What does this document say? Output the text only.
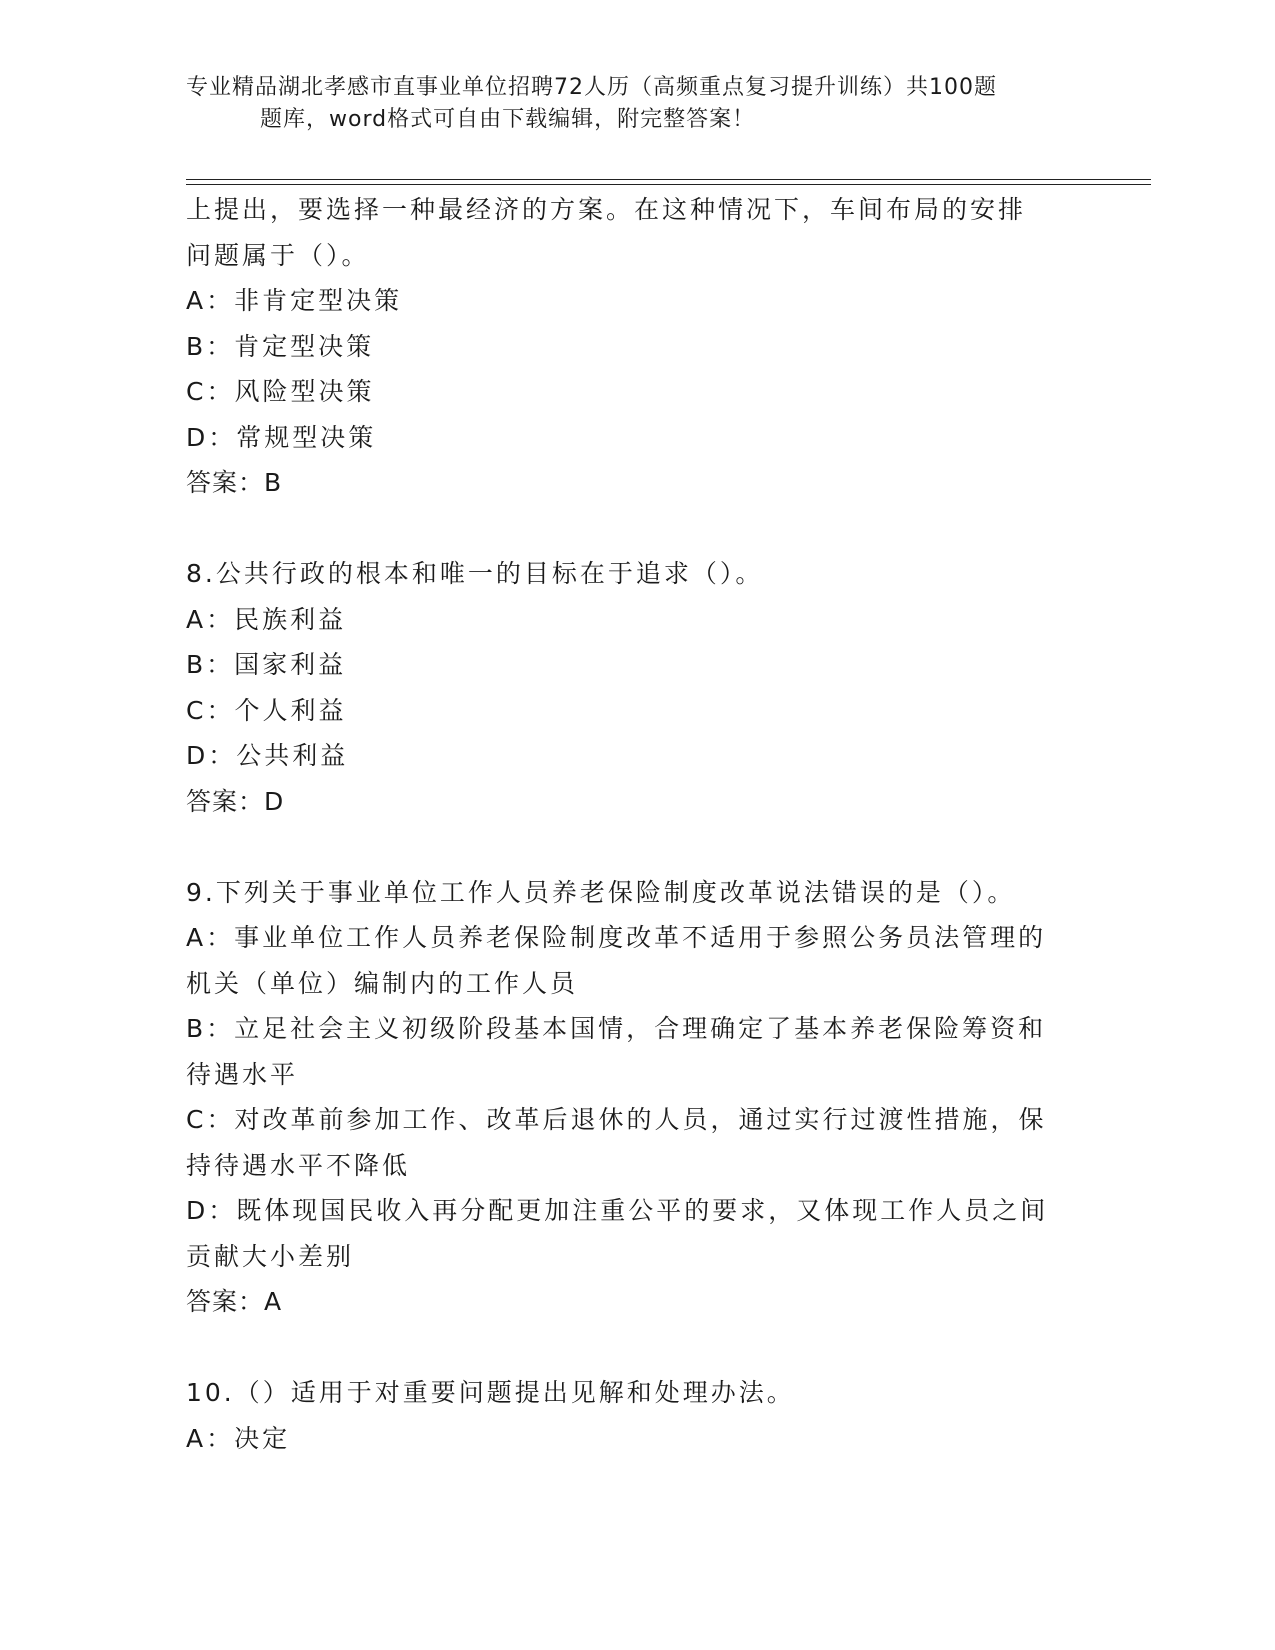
专业精品湖北孝感市直事业单位招聘72人历（高频重点复习提升训练）共100题
题库，word格式可自由下载编辑，附完整答案！
上提出，要选择一种最经济的方案。在这种情况下，车间布局的安排
问题属于（）。
A：非肯定型决策
B：肯定型决策
C：风险型决策
D：常规型决策
答案：B
8.公共行政的根本和唯一的目标在于追求（）。
A：民族利益
B：国家利益
C：个人利益
D：公共利益
答案：D
9.下列关于事业单位工作人员养老保险制度改革说法错误的是（）。
A：事业单位工作人员养老保险制度改革不适用于参照公务员法管理的
机关（单位）编制内的工作人员
B：立足社会主义初级阶段基本国情，合理确定了基本养老保险筹资和
待遇水平
C：对改革前参加工作、改革后退休的人员，通过实行过渡性措施，保
持待遇水平不降低
D：既体现国民收入再分配更加注重公平的要求，又体现工作人员之间
贡献大小差别
答案：A
10.（）适用于对重要问题提出见解和处理办法。
A：决定
